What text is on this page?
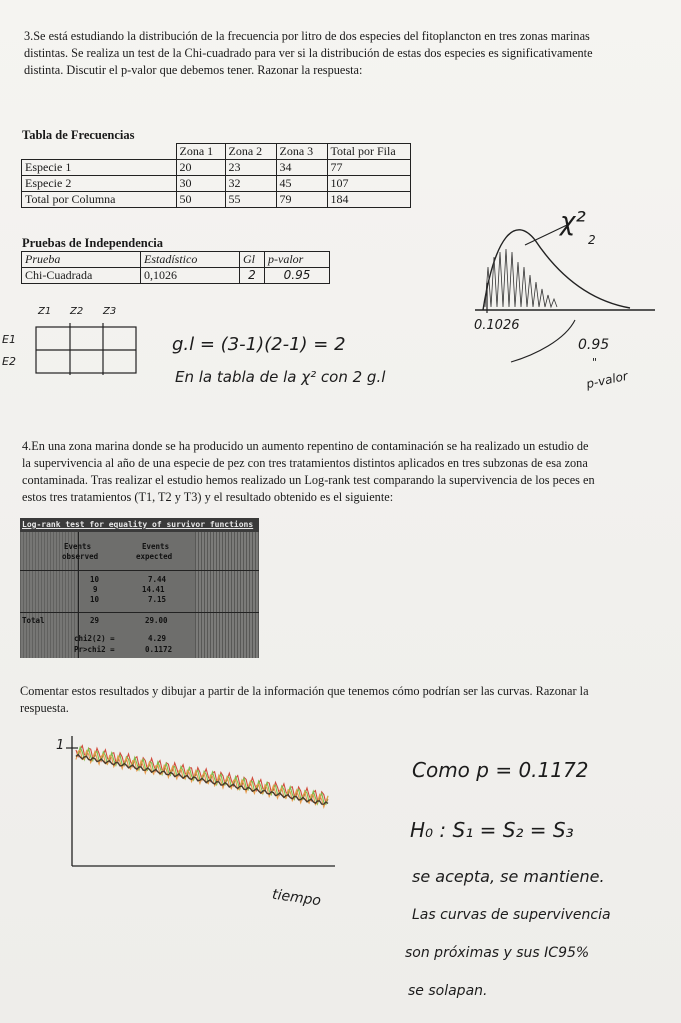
3.Se está estudiando la distribución de la frecuencia por litro de dos especies del fitoplancton en tres zonas marinas distintas. Se realiza un test de la Chi-cuadrado para ver si la distribución de estas dos especies es significativamente distinta. Discutir el p-valor que debemos tener. Razonar la respuesta:
Tabla de Frecuencias
	Zona 1	Zona 2	Zona 3	Total por Fila
Especie 1	20	23	34	77
Especie 2	30	32	45	107
Total por Columna	50	55	79	184
Pruebas de Independencia
Prueba	Estadístico	Gl	p-valor
Chi-Cuadrada	0,1026	2	0.95
χ²
2
0.1026
0.95
"
p-valor
Z1 Z2 Z3
E1
E2
g.l = (3-1)(2-1) = 2
En la tabla de la χ² con 2 g.l
4.En una zona marina donde se ha producido un aumento repentino de contaminación se ha realizado un estudio de la supervivencia al año de una especie de pez con tres tratamientos distintos aplicados en tres subzonas de esa zona contaminada. Tras realizar el estudio hemos realizado un Log-rank test comparando la supervivencia de los peces en estos tres tratamientos (T1, T2 y T3) y el resultado obtenido es el siguiente:
Log-rank test for equality of survivor functions
Events
observed
Events
expected
10	7.44
9	14.41
10	7.15
Total	29	29.00
chi2(2) =	4.29
Pr>chi2 =	0.1172
Comentar estos resultados y dibujar a partir de la información que tenemos cómo podrían ser las curvas. Razonar la respuesta.
1
tiempo
Como p = 0.1172
H₀ : S₁ = S₂ = S₃
se acepta, se mantiene.
Las curvas de supervivencia
son próximas y sus IC95%
se solapan.
